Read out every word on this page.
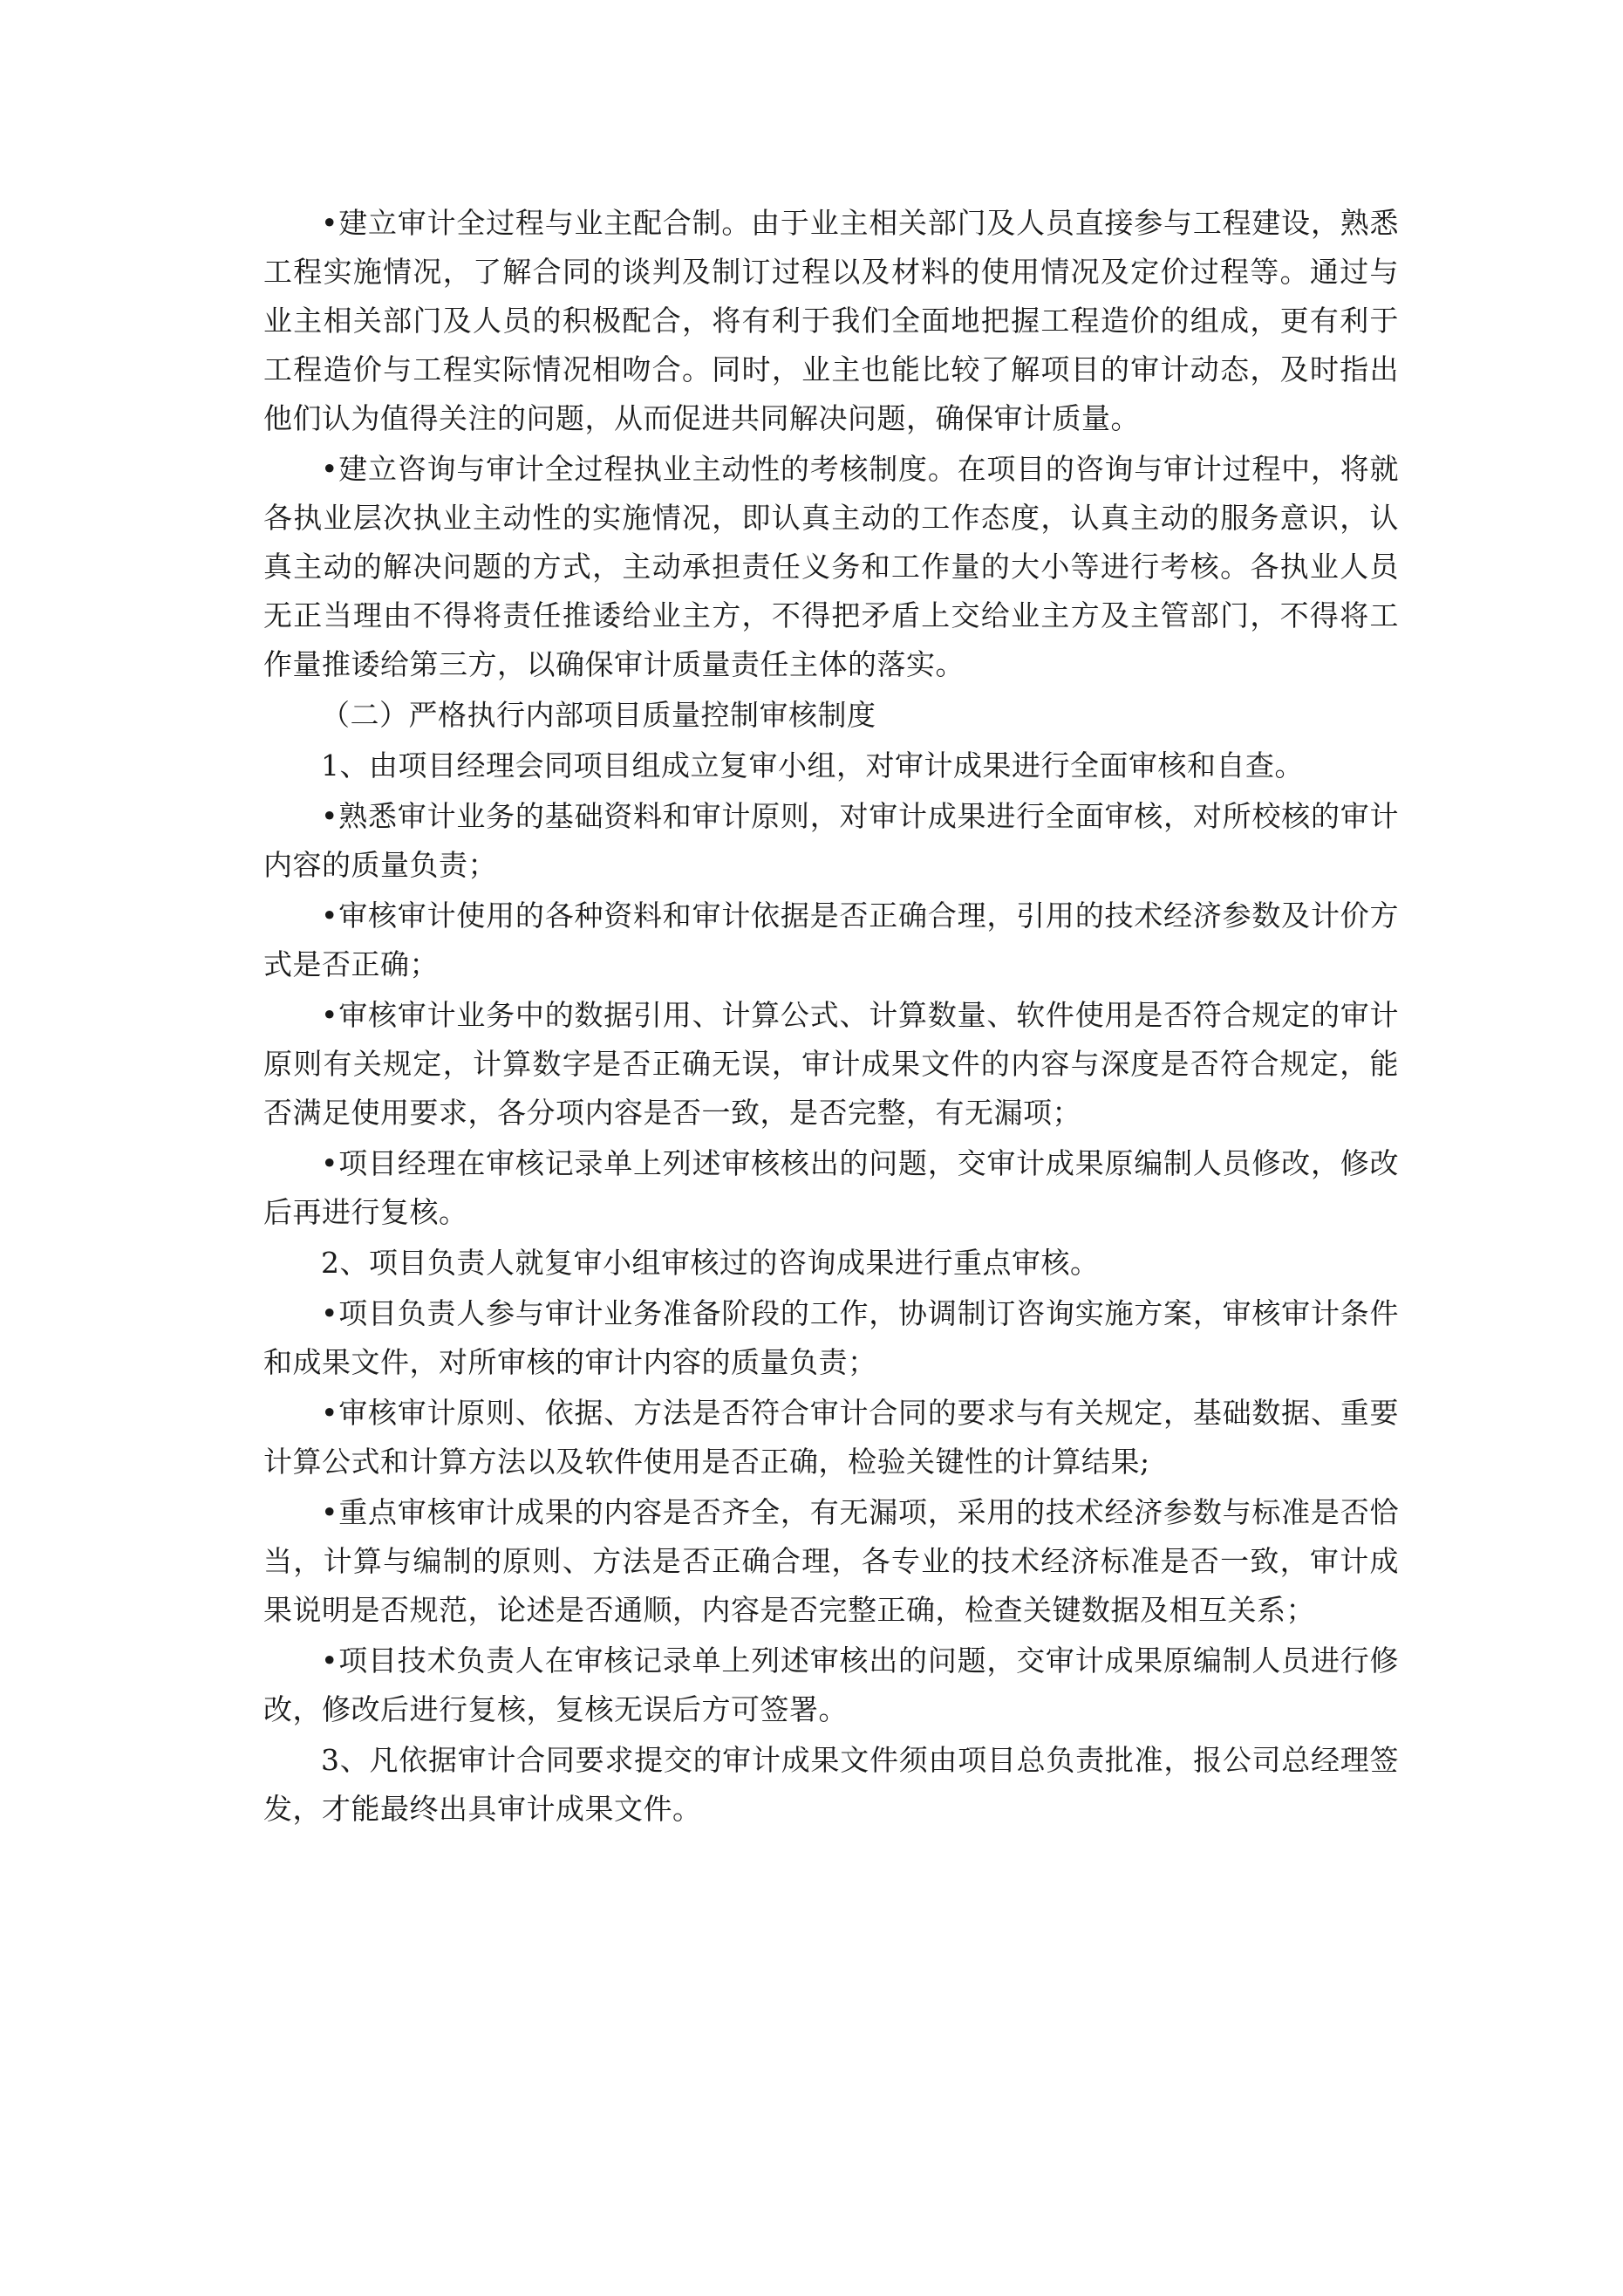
•建立审计全过程与业主配合制。由于业主相关部门及人员直接参与工程建设，熟悉工程实施情况，了解合同的谈判及制订过程以及材料的使用情况及定价过程等。通过与业主相关部门及人员的积极配合，将有利于我们全面地把握工程造价的组成，更有利于工程造价与工程实际情况相吻合。同时，业主也能比较了解项目的审计动态，及时指出他们认为值得关注的问题，从而促进共同解决问题，确保审计质量。

•建立咨询与审计全过程执业主动性的考核制度。在项目的咨询与审计过程中，将就各执业层次执业主动性的实施情况，即认真主动的工作态度，认真主动的服务意识，认真主动的解决问题的方式，主动承担责任义务和工作量的大小等进行考核。各执业人员无正当理由不得将责任推诿给业主方，不得把矛盾上交给业主方及主管部门，不得将工作量推诿给第三方，以确保审计质量责任主体的落实。

（二）严格执行内部项目质量控制审核制度

1、由项目经理会同项目组成立复审小组，对审计成果进行全面审核和自查。

•熟悉审计业务的基础资料和审计原则，对审计成果进行全面审核，对所校核的审计内容的质量负责；

•审核审计使用的各种资料和审计依据是否正确合理，引用的技术经济参数及计价方式是否正确；

•审核审计业务中的数据引用、计算公式、计算数量、软件使用是否符合规定的审计原则有关规定，计算数字是否正确无误，审计成果文件的内容与深度是否符合规定，能否满足使用要求，各分项内容是否一致，是否完整，有无漏项；

•项目经理在审核记录单上列述审核核出的问题，交审计成果原编制人员修改，修改后再进行复核。

2、项目负责人就复审小组审核过的咨询成果进行重点审核。

•项目负责人参与审计业务准备阶段的工作，协调制订咨询实施方案，审核审计条件和成果文件，对所审核的审计内容的质量负责；

•审核审计原则、依据、方法是否符合审计合同的要求与有关规定，基础数据、重要计算公式和计算方法以及软件使用是否正确，检验关键性的计算结果;

•重点审核审计成果的内容是否齐全，有无漏项，采用的技术经济参数与标准是否恰当，计算与编制的原则、方法是否正确合理，各专业的技术经济标准是否一致，审计成果说明是否规范，论述是否通顺，内容是否完整正确，检查关键数据及相互关系；

•项目技术负责人在审核记录单上列述审核出的问题，交审计成果原编制人员进行修改，修改后进行复核，复核无误后方可签署。

3、凡依据审计合同要求提交的审计成果文件须由项目总负责批准，报公司总经理签发，才能最终出具审计成果文件。
